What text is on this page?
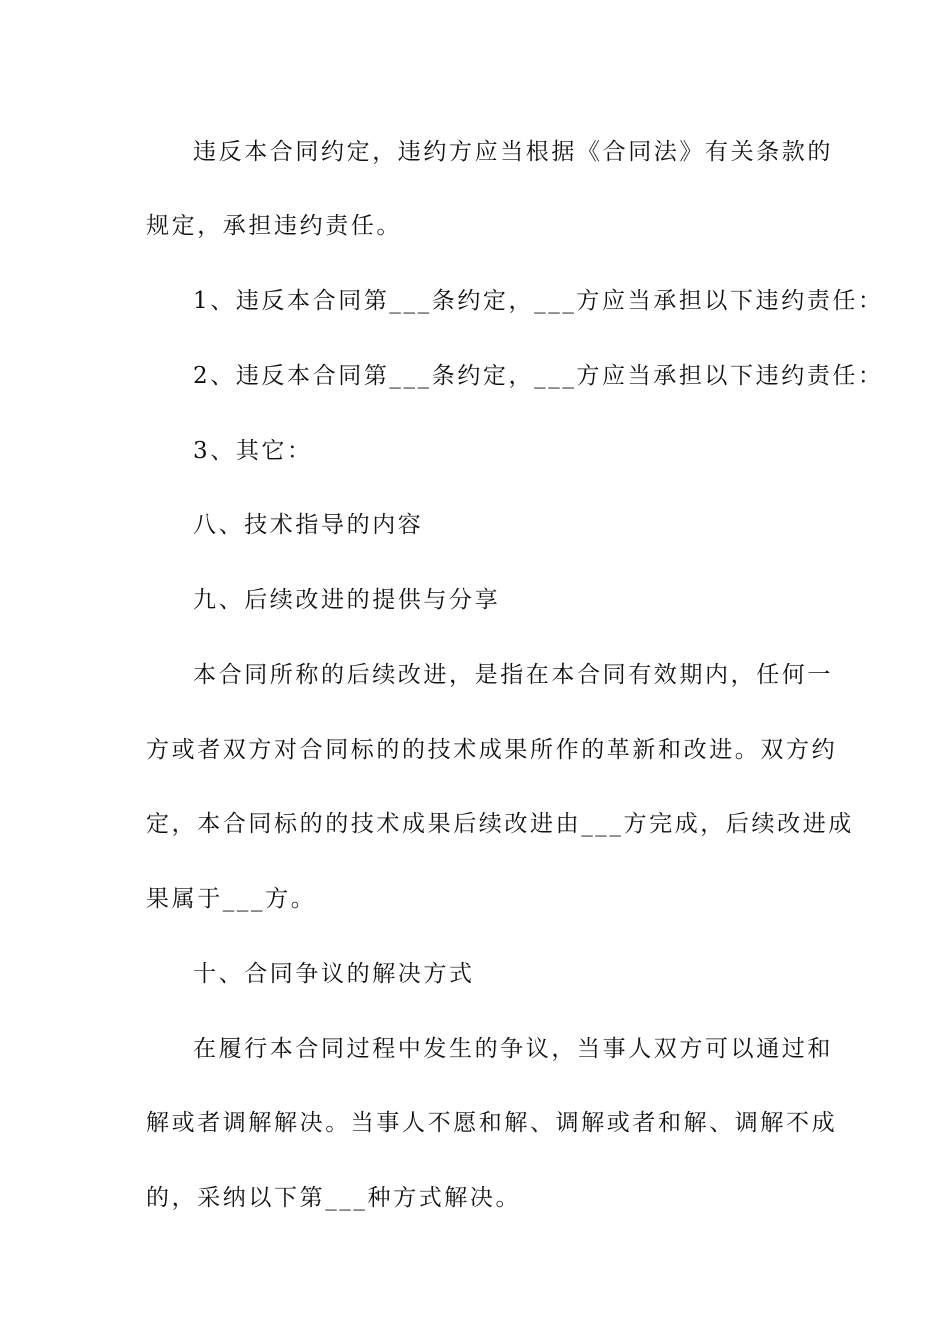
违反本合同约定，违约方应当根据《合同法》有关条款的
规定，承担违约责任。
1、违反本合同第___条约定，___方应当承担以下违约责任：
2、违反本合同第___条约定，___方应当承担以下违约责任：
3、其它：
八、技术指导的内容
九、后续改进的提供与分享
本合同所称的后续改进，是指在本合同有效期内，任何一
方或者双方对合同标的的技术成果所作的革新和改进。双方约
定，本合同标的的技术成果后续改进由___方完成，后续改进成
果属于___方。
十、合同争议的解决方式
在履行本合同过程中发生的争议，当事人双方可以通过和
解或者调解解决。当事人不愿和解、调解或者和解、调解不成
的，采纳以下第___种方式解决。
